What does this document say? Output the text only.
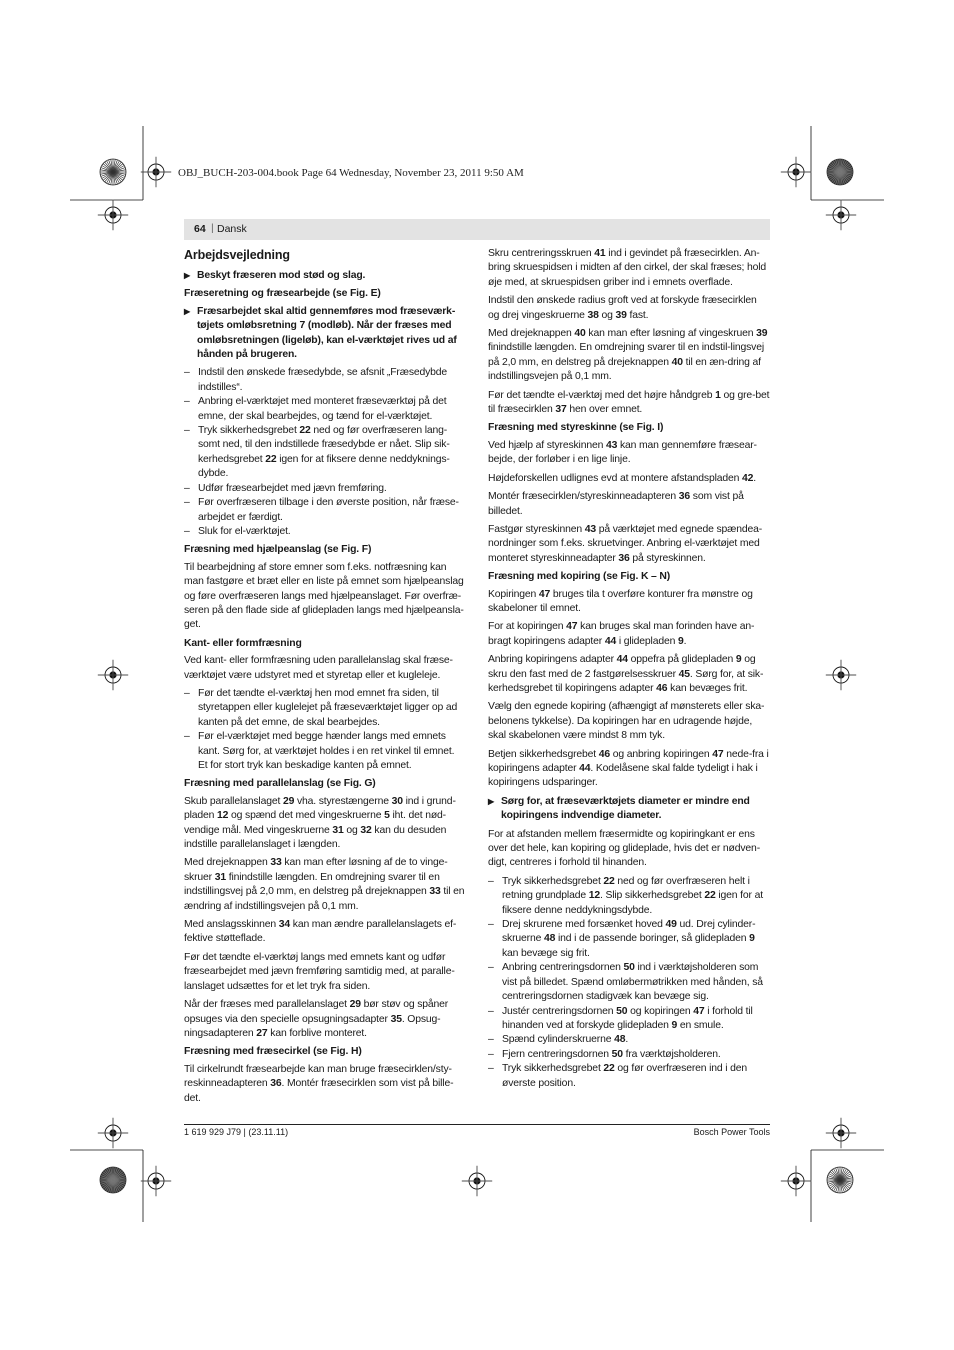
OBJ_BUCH-203-004.book Page 64 Wednesday, November 23, 2011 9:50 AM
64 | Dansk
Arbejdsvejledning
▶ Beskyt fræseren mod stød og slag.
Fræseretning og fræsearbejde (se Fig. E)
▶ Fræsarbejdet skal altid gennemføres mod fræseværk-tøjets omløbsretning 7 (modløb). Når der fræses med omløbsretningen (ligeløb), kan el-værktøjet rives ud af hånden på brugeren.
– Indstil den ønskede fræsedybde, se afsnit „Fræsedybde indstilles“.
– Anbring el-værktøjet med monteret fræseværktøj på det emne, der skal bearbejdes, og tænd for el-værktøjet.
– Tryk sikkerhedsgrebet 22 ned og før overfræseren lang-somt ned, til den indstillede fræsedybde er nået. Slip sik-kerhedsgrebet 22 igen for at fiksere denne neddyknings-dybde.
– Udfør fræsearbejdet med jævn fremføring.
– Før overfræseren tilbage i den øverste position, når fræse-arbejdet er færdigt.
– Sluk for el-værktøjet.
Fræsning med hjælpeanslag (se Fig. F)
Til bearbejdning af store emner som f.eks. notfræsning kan man fastgøre et bræt eller en liste på emnet som hjælpeanslag og føre overfræseren langs med hjælpeanslaget. Før overfræ-seren på den flade side af glidepladen langs med hjælpeansla-get.
Kant- eller formfræsning
Ved kant- eller formfræsning uden parallelanslag skal fræse-værktøjet være udstyret med et styretap eller et kugleleje.
– Før det tændte el-værktøj hen mod emnet fra siden, til styretappen eller kuglelejet på fræseværktøjet ligger op ad kanten på det emne, de skal bearbejdes.
– Før el-værktøjet med begge hænder langs med emnets kant. Sørg for, at værktøjet holdes i en ret vinkel til emnet. Et for stort tryk kan beskadige kanten på emnet.
Fræsning med parallelanslag (se Fig. G)
Skub parallelanslaget 29 vha. styrestængerne 30 ind i grund-pladen 12 og spænd det med vingeskruerne 5 iht. det nød-vendige mål. Med vingeskruerne 31 og 32 kan du desuden indstille parallelanslaget i længden.
Med drejeknappen 33 kan man efter løsning af de to vinge-skruer 31 finindstille længden. En omdrejning svarer til en indstillingsvej på 2,0 mm, en delstreg på drejeknappen 33 til en ændring af indstillingsvejen på 0,1 mm.
Med anslagsskinnen 34 kan man ændre parallelanslagets ef-fektive støtteflade.
Før det tændte el-værktøj langs med emnets kant og udfør fræsearbejdet med jævn fremføring samtidig med, at paralle-lanslaget udsættes for et let tryk fra siden.
Når der fræses med parallelanslaget 29 bør støv og spåner opsuges via den specielle opsugningsadapter 35. Opsug-ningsadapteren 27 kan forblive monteret.
Fræsning med fræsecirkel (se Fig. H)
Til cirkelrundt fræsearbejde kan man bruge fræsecirklen/sty-reskinneadapteren 36. Montér fræsecirklen som vist på bille-det.
Skru centreringsskruen 41 ind i gevindet på fræsecirklen. An-bring skruespidsen i midten af den cirkel, der skal fræses; hold øje med, at skruespidsen griber ind i emnets overflade.
Indstil den ønskede radius groft ved at forskyde fræsecirklen og drej vingeskruerne 38 og 39 fast.
Med drejeknappen 40 kan man efter løsning af vingeskruen 39 finindstille længden. En omdrejning svarer til en indstil-lingsvej på 2,0 mm, en delstreg på drejeknappen 40 til en æn-dring af indstillingsvejen på 0,1 mm.
Før det tændte el-værktøj med det højre håndgreb 1 og gre-bet til fræsecirklen 37 hen over emnet.
Fræsning med styreskinne (se Fig. I)
Ved hjælp af styreskinnen 43 kan man gennemføre fræsear-bejde, der forløber i en lige linje.
Højdeforskellen udlignes evd at montere afstandspladen 42.
Montér fræsecirklen/styreskinneadapteren 36 som vist på billedet.
Fastgør styreskinnen 43 på værktøjet med egnede spændea-nordninger som f.eks. skruetvinger. Anbring el-værktøjet med monteret styreskinneadapter 36 på styreskinnen.
Fræsning med kopiring (se Fig. K – N)
Kopiringen 47 bruges tila t overføre konturer fra mønstre og skabeloner til emnet.
For at kopiringen 47 kan bruges skal man forinden have an-bragt kopiringens adapter 44 i glidepladen 9.
Anbring kopiringens adapter 44 oppefra på glidepladen 9 og skru den fast med de 2 fastgørelsesskruer 45. Sørg for, at sik-kerhedsgrebet til kopiringens adapter 46 kan bevæges frit.
Vælg den egnede kopiring (afhængigt af mønsterets eller ska-belonens tykkelse). Da kopiringen har en udragende højde, skal skabelonen være mindst 8 mm tyk.
Betjen sikkerhedsgrebet 46 og anbring kopiringen 47 nede-fra i kopiringens adapter 44. Kodelåsene skal falde tydeligt i hak i kopiringens udsparinger.
▶ Sørg for, at fræseværktøjets diameter er mindre end kopiringens indvendige diameter.
For at afstanden mellem fræsermidte og kopiringkant er ens over det hele, kan kopiring og glideplade, hvis det er nødven-digt, centreres i forhold til hinanden.
– Tryk sikkerhedsgrebet 22 ned og før overfræseren helt i retning grundplade 12. Slip sikkerhedsgrebet 22 igen for at fiksere denne neddykningsdybde.
– Drej skrurene med forsænket hoved 49 ud. Drej cylinder-skruerne 48 ind i de passende boringer, så glidepladen 9 kan bevæge sig frit.
– Anbring centreringsdornen 50 ind i værktøjsholderen som vist på billedet. Spænd omløbermøtrikken med hånden, så centreringsdornen stadigvæk kan bevæge sig.
– Justér centreringsdornen 50 og kopiringen 47 i forhold til hinanden ved at forskyde glidepladen 9 en smule.
– Spænd cylinderskruerne 48.
– Fjern centreringsdornen 50 fra værktøjsholderen.
– Tryk sikkerhedsgrebet 22 og før overfræseren ind i den øverste position.
1 619 929 J79 | (23.11.11)	Bosch Power Tools
